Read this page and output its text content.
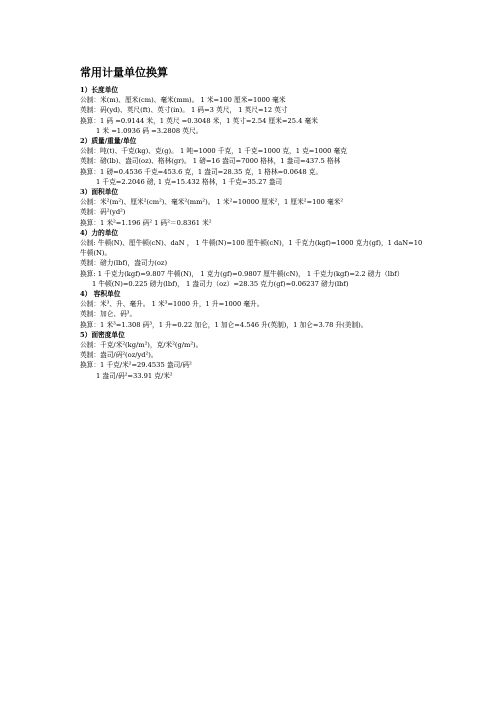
常用计量单位换算
1）长度单位
公制：米(m)、厘米(cm)、毫米(mm)。 1 米=100 厘米=1000 毫米
英制：码(yd)、英尺(ft)、英寸(in)。 1 码=3 英尺， 1 英尺=12 英寸
换算：1 码 =0.9144 米，1 英尺 =0.3048 米，1 英寸=2.54 厘米=25.4 毫米
1 米 =1.0936 码 =3.2808 英尺。
2）质量/重量/单位
公制：吨(t)、千克(kg)、克(g)。 1 吨=1000 千克，1 千克=1000 克，1 克=1000 毫克
英制：磅(lb)、盎司(oz)、格林(gr)。 1 磅=16 盎司=7000 格林，1 盎司=437.5 格林
换算：1 磅=0.4536 千克=453.6 克，1 盎司=28.35 克，1 格林=0.0648 克。
1 千克=2.2046 磅, 1 克=15.432 格林，1 千克=35.27 盎司
3）面积单位
公制：米²(m²)、厘米²(cm²)、毫米²(mm²)。 1 米²=10000 厘米²，1 厘米²=100 毫米²
英制：码²(yd²)
换算：1 米²=1.196 码² 1 码²＝0.8361 米²
4）力的单位
公制: 牛顿(N)、厘牛顿(cN)、daN ， 1 牛顿(N)=100 厘牛顿(cN)，1 千克力(kgf)=1000 克力(gf)，1 daN=10 牛顿(N)。
英制：磅力(lbf)，盎司力(oz)
换算: 1 千克力(kgf)=9.807 牛顿(N)， 1 克力(gf)=0.9807 厘牛顿(cN)， 1 千克力(kgf)=2.2 磅力（lbf）
1 牛顿(N)=0.225 磅力(lbf)， 1 盎司力（oz）=28.35 克力(gf)=0.06237 磅力(lbf)
4） 容积单位
公制：米³、升、毫升。 1 米³=1000 升，1 升=1000 毫升。
英制：加仑、码³。
换算：1 米³=1.308 码³，1 升=0.22 加仑，1 加仑=4.546 升(英制)，1 加仑=3.78 升(美制)。
5）面密度单位
公制：千克/米²(kg/m²)，克/米²(g/m²)。
英制：盎司/码²(oz/yd²)。
换算：1 千克/米²=29.4535 盎司/码²
1 盎司/码²=33.91 克/米²
